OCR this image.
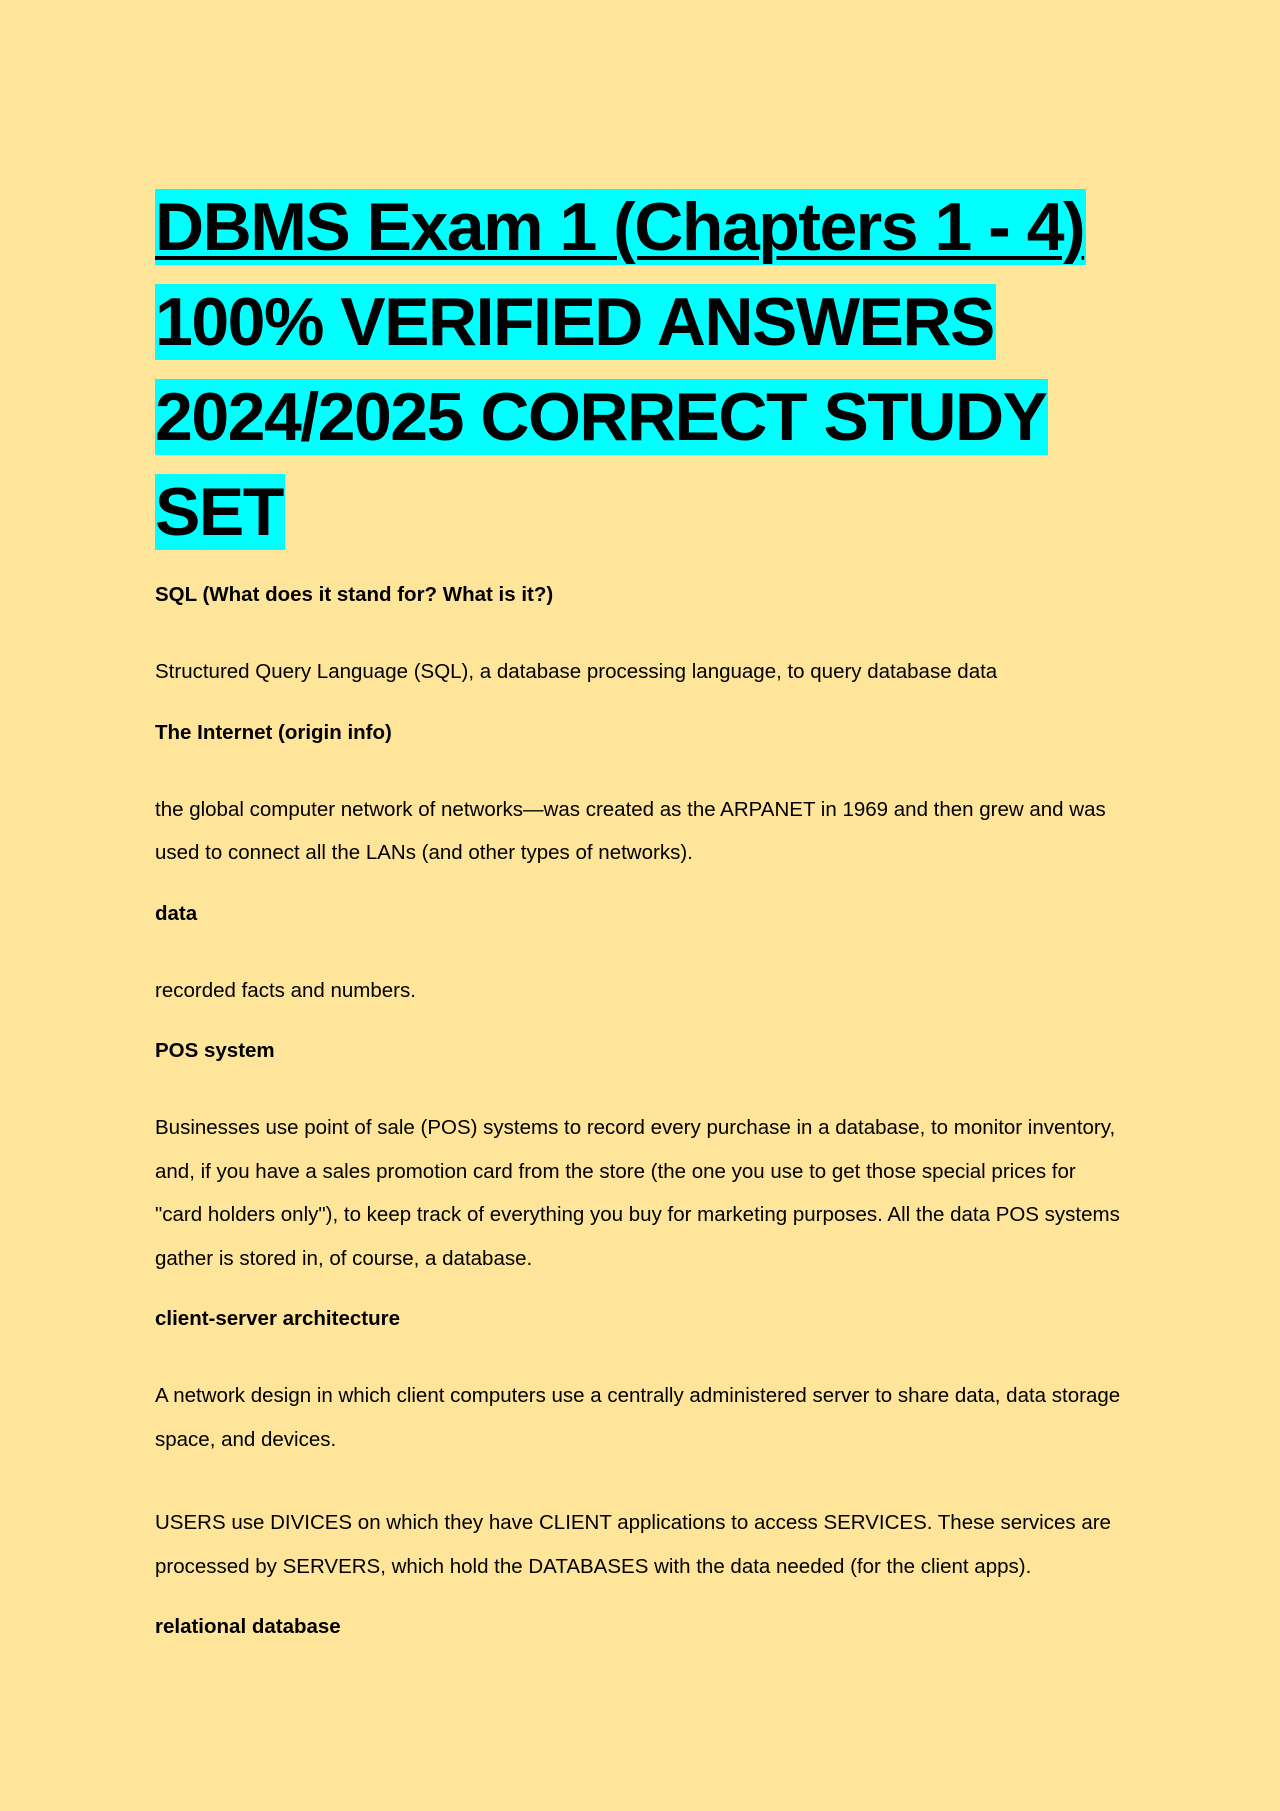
DBMS Exam 1 (Chapters 1 - 4)
100% VERIFIED ANSWERS
2024/2025 CORRECT STUDY
SET

SQL (What does it stand for? What is it?)

Structured Query Language (SQL), a database processing language, to query database data

The Internet (origin info)

the global computer network of networks—was created as the ARPANET in 1969 and then grew and was used to connect all the LANs (and other types of networks).

data

recorded facts and numbers.

POS system

Businesses use point of sale (POS) systems to record every purchase in a database, to monitor inventory, and, if you have a sales promotion card from the store (the one you use to get those special prices for "card holders only"), to keep track of everything you buy for marketing purposes. All the data POS systems gather is stored in, of course, a database.

client-server architecture

A network design in which client computers use a centrally administered server to share data, data storage space, and devices.

USERS use DIVICES on which they have CLIENT applications to access SERVICES. These services are processed by SERVERS, which hold the DATABASES with the data needed (for the client apps).

relational database
